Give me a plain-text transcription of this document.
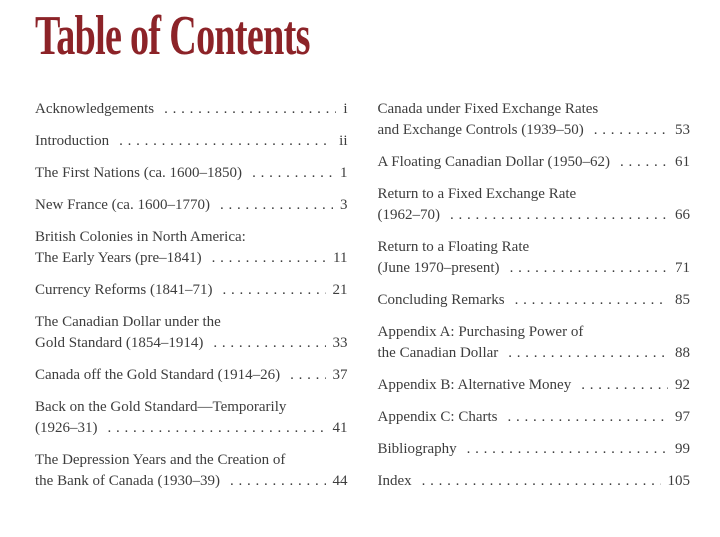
Table of Contents
Acknowledgements . . .	i
Introduction . . .	ii
The First Nations (ca. 1600–1850) . . .	1
New France (ca. 1600–1770) . . .	3
British Colonies in North America:
The Early Years (pre–1841) . . .	11
Currency Reforms (1841–71) . . .	21
The Canadian Dollar under the
Gold Standard (1854–1914) . . .	33
Canada off the Gold Standard (1914–26) . . .	37
Back on the Gold Standard—Temporarily
(1926–31) . . .	41
The Depression Years and the Creation of
the Bank of Canada (1930–39) . . .	44
Canada under Fixed Exchange Rates
and Exchange Controls (1939–50) . . .	53
A Floating Canadian Dollar (1950–62) . . .	61
Return to a Fixed Exchange Rate
(1962–70) . . .	66
Return to a Floating Rate
(June 1970–present) . . .	71
Concluding Remarks . . .	85
Appendix A: Purchasing Power of
the Canadian Dollar . . .	88
Appendix B: Alternative Money . . .	92
Appendix C: Charts . . .	97
Bibliography . . .	99
Index . . .	105
